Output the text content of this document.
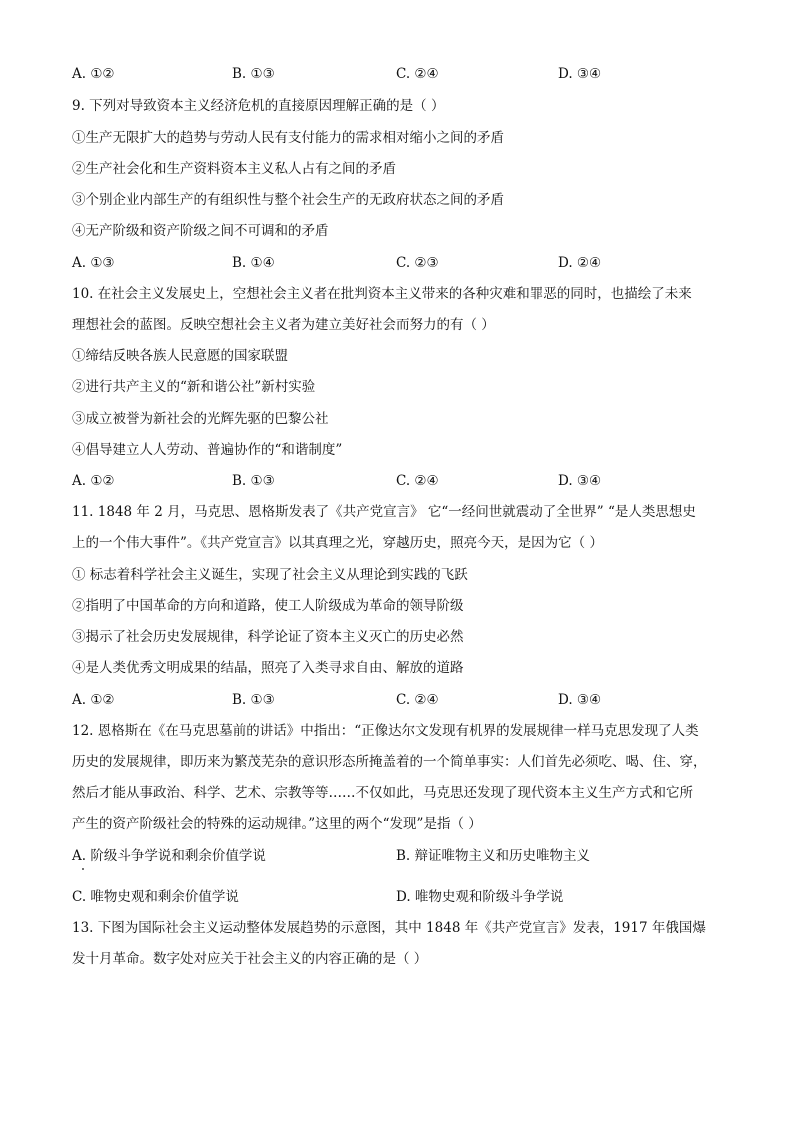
A. ①②	B. ①③	C. ②④	D. ③④
9. 下列对导致资本主义经济危机的直接原因理解正确的是（ ）
①生产无限扩大的趋势与劳动人民有支付能力的需求相对缩小之间的矛盾
②生产社会化和生产资料资本主义私人占有之间的矛盾
③个别企业内部生产的有组织性与整个社会生产的无政府状态之间的矛盾
④无产阶级和资产阶级之间不可调和的矛盾
A. ①③	B. ①④	C. ②③	D. ②④
10. 在社会主义发展史上，空想社会主义者在批判资本主义带来的各种灾难和罪恶的同时，也描绘了未来
理想社会的蓝图。反映空想社会主义者为建立美好社会而努力的有（ ）
①缔结反映各族人民意愿的国家联盟
②进行共产主义的“新和谐公社”新村实验
③成立被誉为新社会的光辉先驱的巴黎公社
④倡导建立人人劳动、普遍协作的“和谐制度”
A. ①②	B. ①③	C. ②④	D. ③④
11. 1848 年 2 月，马克思、恩格斯发表了《共产党宣言》 它“一经问世就震动了全世界” “是人类思想史
上的一个伟大事件”。《共产党宣言》以其真理之光，穿越历史，照亮今天，是因为它（ ）
① 标志着科学社会主义诞生，实现了社会主义从理论到实践的飞跃
②指明了中国革命的方向和道路，使工人阶级成为革命的领导阶级
③揭示了社会历史发展规律，科学论证了资本主义灭亡的历史必然
④是人类优秀文明成果的结晶，照亮了入类寻求自由、解放的道路
A. ①②	B. ①③	C. ②④	D. ③④
12. 恩格斯在《在马克思墓前的讲话》中指出：“正像达尔文发现有机界的发展规律一样马克思发现了人类
历史的发展规律，即历来为繁茂芜杂的意识形态所掩盖着的一个简单事实：人们首先必须吃、喝、住、穿，
然后才能从事政治、科学、艺术、宗教等等……不仅如此，马克思还发现了现代资本主义生产方式和它所
产生的资产阶级社会的特殊的运动规律。”这里的两个“发现”是指（ ）
A. 阶级斗争学说和剩余价值学说	B. 辩证唯物主义和历史唯物主义
C. 唯物史观和剩余价值学说	D. 唯物史观和阶级斗争学说
13. 下图为国际社会主义运动整体发展趋势的示意图，其中 1848 年《共产党宣言》发表，1917 年俄国爆
发十月革命。数字处对应关于社会主义的内容正确的是（ ）
